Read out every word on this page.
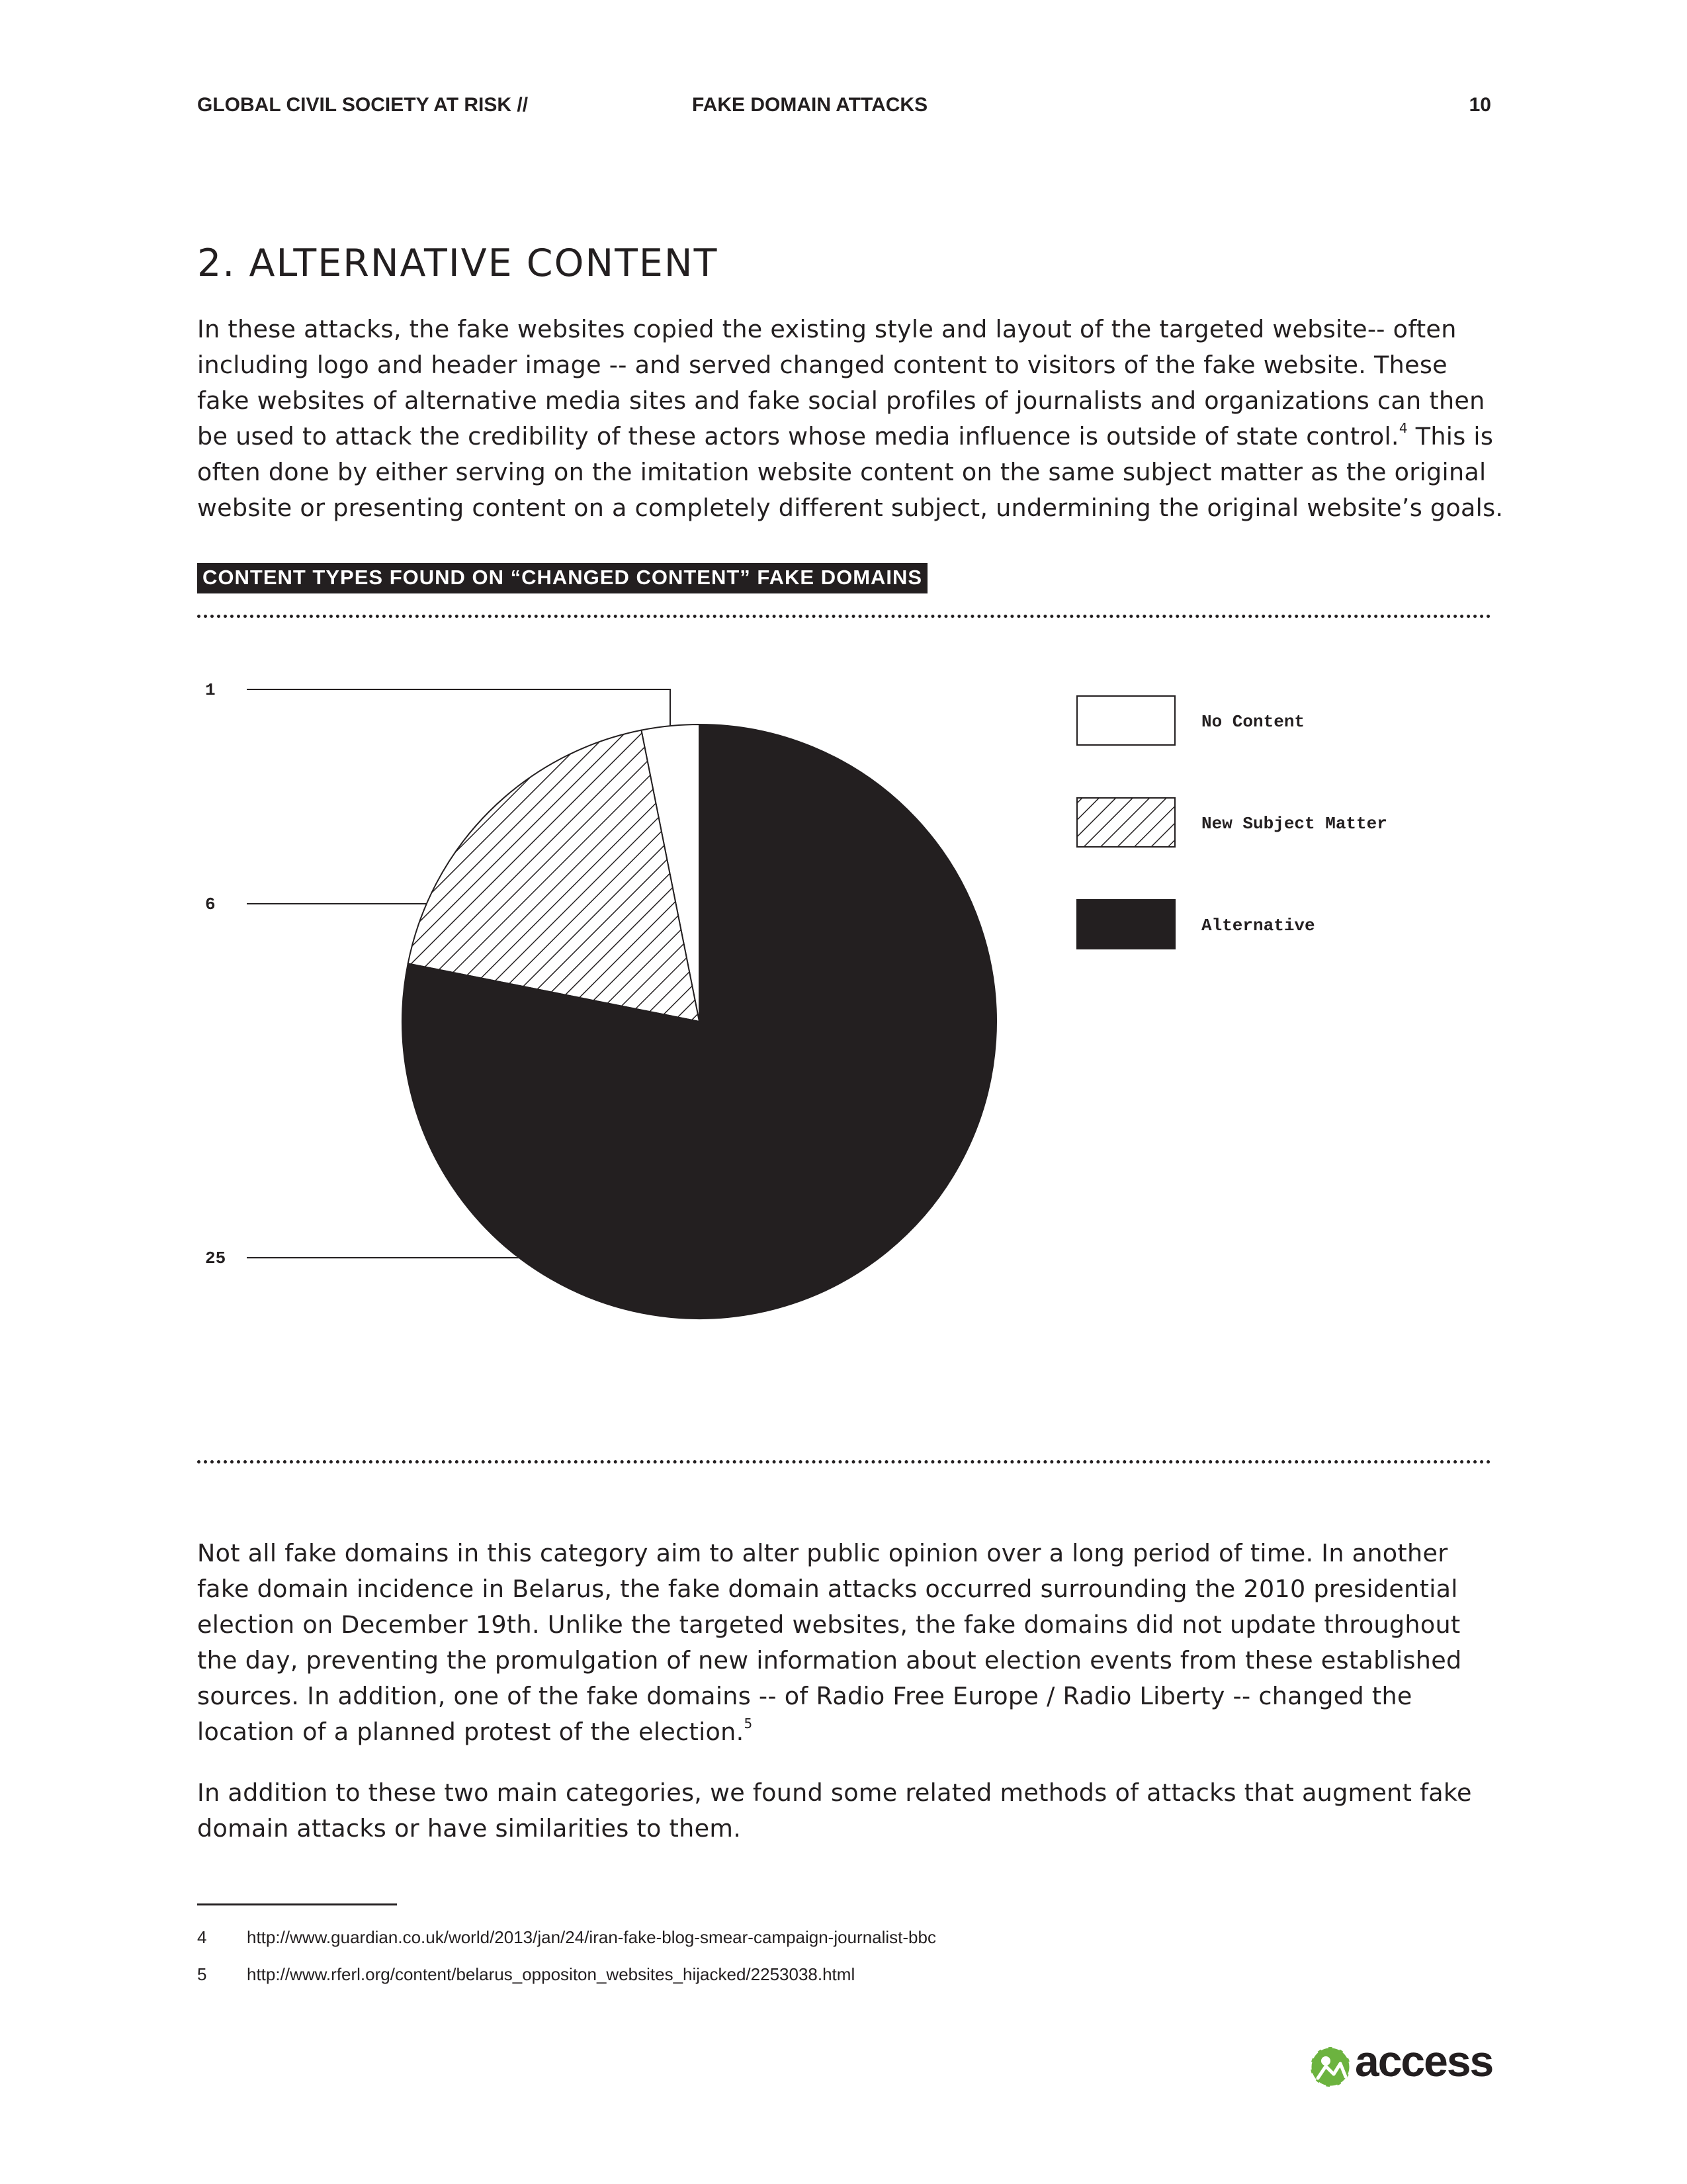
GLOBAL CIVIL SOCIETY AT RISK //	FAKE DOMAIN ATTACKS	10
2. ALTERNATIVE CONTENT

In these attacks, the fake websites copied the existing style and layout of the targeted website-- often including logo and header image -- and served changed content to visitors of the fake website. These fake websites of alternative media sites and fake social profiles of journalists and organizations can then be used to attack the credibility of these actors whose media influence is outside of state control.$^4$ This is often done by either serving on the imitation website content on the same subject matter as the original website or presenting content on a completely different subject, undermining the original website’s goals.

CONTENT TYPES FOUND ON “CHANGED CONTENT” FAKE DOMAINS
1
6
25
No Content
New Subject Matter
Alternative

Not all fake domains in this category aim to alter public opinion over a long period of time. In another fake domain incidence in Belarus, the fake domain attacks occurred surrounding the 2010 presidential election on December 19th. Unlike the targeted websites, the fake domains did not update throughout the day, preventing the promulgation of new information about election events from these established sources. In addition, one of the fake domains -- of Radio Free Europe / Radio Liberty -- changed the location of a planned protest of the election.$^5$

In addition to these two main categories, we found some related methods of attacks that augment fake domain attacks or have similarities to them.

4 http://www.guardian.co.uk/world/2013/jan/24/iran-fake-blog-smear-campaign-journalist-bbc
5 http://www.rferl.org/content/belarus_oppositon_websites_hijacked/2253038.html
access
